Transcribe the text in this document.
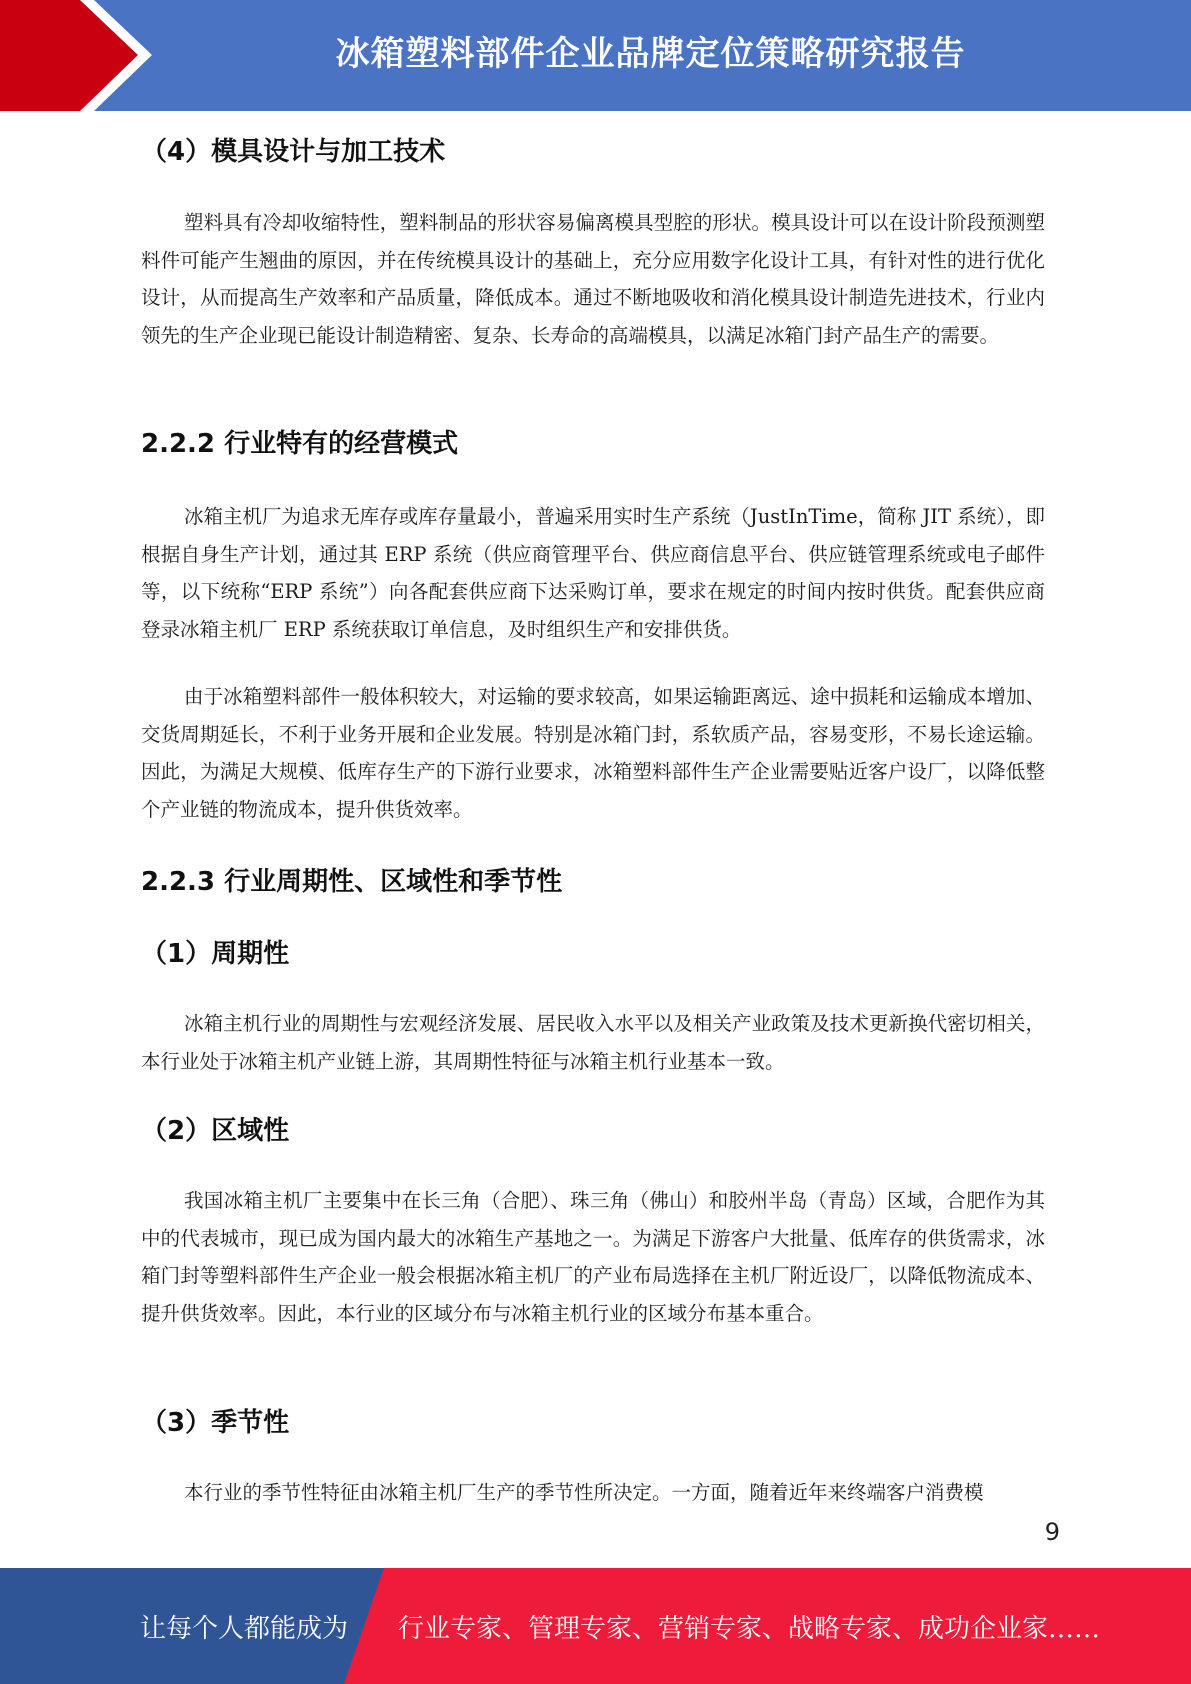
冰箱塑料部件企业品牌定位策略研究报告
（4）模具设计与加工技术
塑料具有冷却收缩特性，塑料制品的形状容易偏离模具型腔的形状。模具设计可以在设计阶段预测塑料件可能产生翘曲的原因，并在传统模具设计的基础上，充分应用数字化设计工具，有针对性的进行优化设计，从而提高生产效率和产品质量，降低成本。通过不断地吸收和消化模具设计制造先进技术，行业内领先的生产企业现已能设计制造精密、复杂、长寿命的高端模具，以满足冰箱门封产品生产的需要。
2.2.2 行业特有的经营模式
冰箱主机厂为追求无库存或库存量最小，普遍采用实时生产系统（JustInTime，简称 JIT 系统），即根据自身生产计划，通过其 ERP 系统（供应商管理平台、供应商信息平台、供应链管理系统或电子邮件等，以下统称“ERP 系统”）向各配套供应商下达采购订单，要求在规定的时间内按时供货。配套供应商登录冰箱主机厂 ERP 系统获取订单信息，及时组织生产和安排供货。
由于冰箱塑料部件一般体积较大，对运输的要求较高，如果运输距离远、途中损耗和运输成本增加、交货周期延长，不利于业务开展和企业发展。特别是冰箱门封，系软质产品，容易变形，不易长途运输。因此，为满足大规模、低库存生产的下游行业要求，冰箱塑料部件生产企业需要贴近客户设厂，以降低整个产业链的物流成本，提升供货效率。
2.2.3 行业周期性、区域性和季节性
（1）周期性
冰箱主机行业的周期性与宏观经济发展、居民收入水平以及相关产业政策及技术更新换代密切相关，本行业处于冰箱主机产业链上游，其周期性特征与冰箱主机行业基本一致。
（2）区域性
我国冰箱主机厂主要集中在长三角（合肥）、珠三角（佛山）和胶州半岛（青岛）区域，合肥作为其中的代表城市，现已成为国内最大的冰箱生产基地之一。为满足下游客户大批量、低库存的供货需求，冰箱门封等塑料部件生产企业一般会根据冰箱主机厂的产业布局选择在主机厂附近设厂，以降低物流成本、提升供货效率。因此，本行业的区域分布与冰箱主机行业的区域分布基本重合。
（3）季节性
本行业的季节性特征由冰箱主机厂生产的季节性所决定。一方面，随着近年来终端客户消费模
9
让每个人都能成为 行业专家、管理专家、营销专家、战略专家、成功企业家……
